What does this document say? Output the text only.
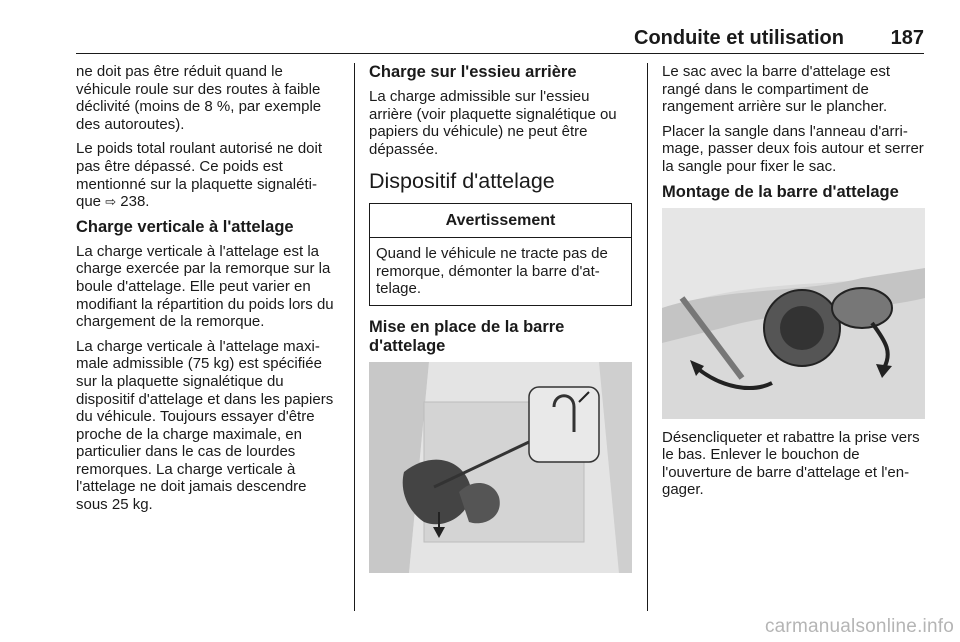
Conduite et utilisation 187

ne doit pas être réduit quand le véhicule roule sur des routes à faible déclivité (moins de 8 %, par exemple des autoroutes).

Le poids total roulant autorisé ne doit pas être dépassé. Ce poids est mentionné sur la plaquette signaléti-que ⇨ 238.

Charge verticale à l'attelage

La charge verticale à l'attelage est la charge exercée par la remorque sur la boule d'attelage. Elle peut varier en modifiant la répartition du poids lors du chargement de la remorque.

La charge verticale à l'attelage maxi-male admissible (75 kg) est spécifiée sur la plaquette signalétique du dispositif d'attelage et dans les papiers du véhicule. Toujours essayer d'être proche de la charge maximale, en particulier dans le cas de lourdes remorques. La charge verticale à l'attelage ne doit jamais descendre sous 25 kg.

Charge sur l'essieu arrière

La charge admissible sur l'essieu arrière (voir plaquette signalétique ou papiers du véhicule) ne peut être dépassée.

Dispositif d'attelage
Avertissement
Quand le véhicule ne tracte pas de remorque, démonter la barre d'at-telage.
Mise en place de la barre d'attelage

Le sac avec la barre d'attelage est rangé dans le compartiment de rangement arrière sur le plancher.

Placer la sangle dans l'anneau d'arri-mage, passer deux fois autour et serrer la sangle pour fixer le sac.

Montage de la barre d'attelage

Désencliqueter et rabattre la prise vers le bas. Enlever le bouchon de l'ouverture de barre d'attelage et l'en-gager.

carmanualsonline.info
